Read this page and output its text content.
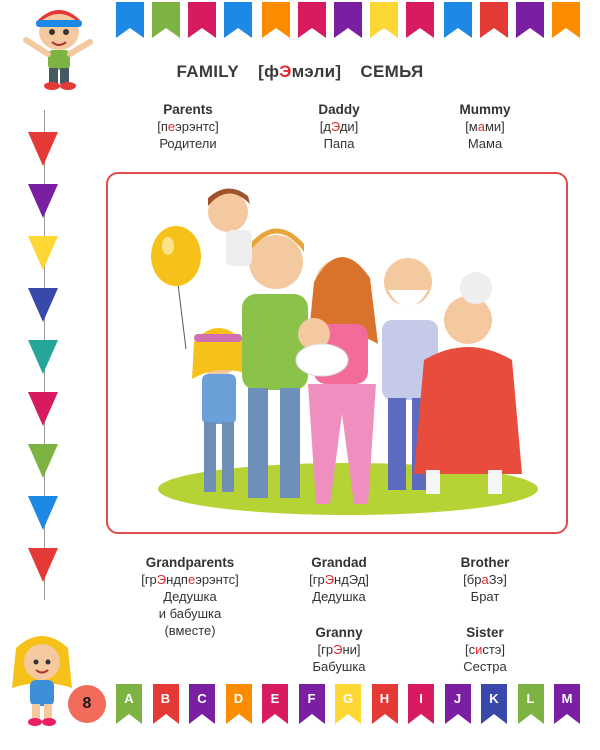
FAMILY [фЭмэли] СЕМЬЯ
Parents
[пеэрэнтс]
Родители
Daddy
[дЭди]
Папа
Mummy
[мами]
Мама
Grandparents
[грЭндпеэрэнтс]
Дедушка
и бабушка
(вместе)
Grandad
[грЭндЭд]
Дедушка
Brother
[браЗэ]
Брат
Granny
[грЭни]
Бабушка
Sister
[систэ]
Сестра
8	A	B	C	D	E	F	G	H	I	J	K	L	M
